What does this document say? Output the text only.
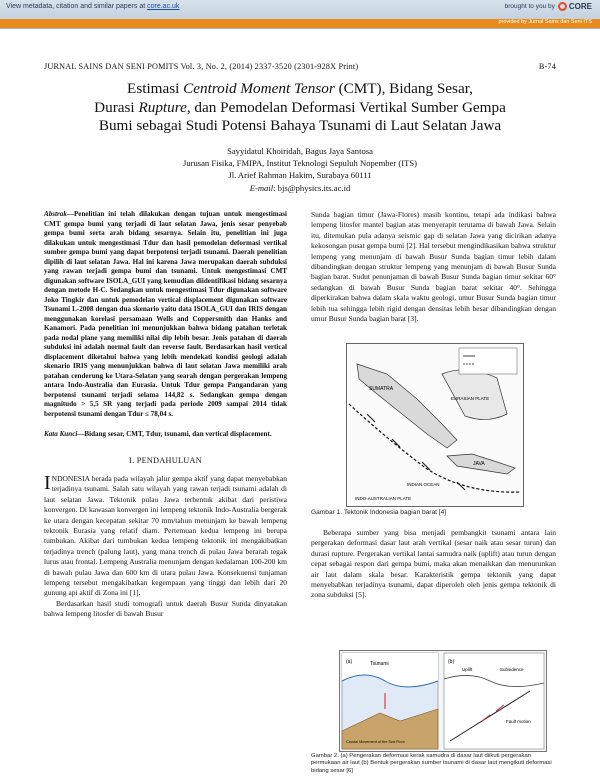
View metadata, citation and similar papers at core.ac.uk	brought to you by CORE
provided by Jurnal Sains dan Seni ITS
JURNAL SAINS DAN SENI POMITS Vol. 3, No. 2, (2014) 2337-3520 (2301-928X Print)	B-74
Estimasi Centroid Moment Tensor (CMT), Bidang Sesar,
Durasi Rupture, dan Pemodelan Deformasi Vertikal Sumber Gempa
Bumi sebagai Studi Potensi Bahaya Tsunami di Laut Selatan Jawa
Sayyidatul Khoiridah, Bagus Jaya Santosa
Jurusan Fisika, FMIPA, Institut Teknologi Sepuluh Nopember (ITS)
Jl. Arief Rahman Hakim, Surabaya 60111
E-mail: bjs@physics.its.ac.id

Abstrak—Penelitian ini telah dilakukan dengan tujuan untuk mengestimasi CMT gempa bumi yang terjadi di laut selatan Jawa, jenis sesar penyebab gempa bumi serta arah bidang sesarnya. Selain itu, penelitian ini juga dilakukan untuk mengestimasi Tdur dan hasil pemodelan deformasi vertikal sumber gempa bumi yang dapat berpotensi terjadi tsunami. Daerah penelitian dipilih di laut selatan Jawa. Hal ini karena Jawa merupakan daerah subduksi yang rawan terjadi gempa bumi dan tsunami. Untuk mengestimasi CMT digunakan software ISOLA_GUI yang kemudian diidentifikasi bidang sesarnya dengan metode H-C. Sedangkan untuk mengestimasi Tdur digunakan software Joko Tingkir dan untuk pemodelan vertical displacement digunakan software Tsunami L-2008 dengan dua skenario yaitu data ISOLA_GUI dan IRIS dengan menggunakan korelasi persamaan Wells and Coppersmith dan Hanks and Kanamori. Pada penelitian ini menunjukkan bahwa bidang patahan terletak pada nodal plane yang memiliki nilai dip lebih besar. Jenis patahan di daerah subduksi ini adalah normal fault dan reverse fault. Berdasarkan hasil vertical displacement diketahui bahwa yang lebih mendekati kondisi geologi adalah skenario IRIS yang menunjukkan bahwa di laut selatan Jawa memiliki arah patahan cenderung ke Utara-Selatan yang searah dengan pergerakan lempeng antara Indo-Australia dan Eurasia. Untuk Tdur gempa Pangandaran yang berpotensi tsunami terjadi selama 144,82 s. Sedangkan gempa dengan magnitudo > 5,5 SR yang terjadi pada periode 2009 sampai 2014 tidak berpotensi tsunami dengan Tdur ≤ 78,04 s.

Kata Kunci—Bidang sesar, CMT, Tdur, tsunami, dan vertical displacement.

I. PENDAHULUAN

INDONESIA berada pada wilayah jalur gempa aktif yang dapat menyebabkan terjadinya tsunami. Salah satu wilayah yang rawan terjadi tsunami adalah di laut selatan Jawa. Tektonik pulau Jawa terbentuk akibat dari peristiwa konvergen. Di kawasan konvergen ini lempeng tektonik Indo-Australia bergerak ke utara dengan kecepatan sekitar 70 mm/tahun menunjam ke bawah lempeng tektonik Eurasia yang relatif diam. Pertemuan kedua lempeng ini berupa tumbukan. Akibat dari tumbukan kedua lempeng tektonik ini mengakibatkan terjadinya trench (palung laut), yang mana trench di pulau Jawa berarah tegak lurus atau frontal. Lempeng Australia menunjam dengan kedalaman 100-200 km di bawah pulau Jawa dan 600 km di utara pulau Jawa. Konsekuensi tunjaman lempeng tersebut mengakibatkan kegempaan yang tinggi dan lebih dari 20 gunung api aktif di Zona ini [1].

Berdasarkan hasil studi tomografi untuk daerah Busur Sunda dinyatakan bahwa lempeng litosfer di bawah Busur

Sunda bagian timur (Jawa-Flores) masih kontinu, tetapi ada indikasi bahwa lempeng litosfer mantel bagian atas menyerapit terutama di bawah Jawa. Selain itu, ditemukan pula adanya seismic gap di selatan Jawa yang dicirikan adanya kekosongan pusat gempa bumi [2]. Hal tersebut mengindikasikan bahwa struktur lempeng yang menunjam di bawah Busur Sunda bagian timur lebih dalam dibandingkan dengan struktur lempeng yang menunjam di bawah Busur Sunda bagian barat. Sudut penunjaman di bawah Busur Sunda bagian timur sekitar 60° sedangkan di bawah Busur Sunda bagian barat sekitar 40°. Sehingga diperkirakan bahwa dalam skala waktu geologi, umur Busur Sunda bagian timur lebih tua sehingga lebih rigid dengan densitas lebih besar dibandingkan dengan umur Busur Sunda bagian barat [3].

SUMATRA
JAVA
EURASIAN PLATE
INDIAN OCEAN
INDO-AUSTRALIAN PLATE
Gambar 1. Tektonik Indonesia bagian barat [4]

Beberapa sumber yang bisa menjadi pembangkit tsunami antara lain pergerakan deformasi dasar laut arah vertikal (sesar naik atau sesar turun) dan durasi rupture. Pergerakan vertikal lantai samudra naik (uplift) atau turun dengan cepat sebagai respon dari gempa bumi, maka akan menaikkan dan menurunkan air laut dalam skala besar. Karakteristik gempa tektonik yang dapat menyebabkan terjadinya tsunami, dapat diperoleh oleh jenis gempa tektonik di zona subduksi [5].

(a)	Tsunami
Crustal Movement of the Sea Floor
(b)
Uplift	Subsidence
Fault motion
Gambar 2. (a) Pengerakan deformasi kerak samudra di dasar laut diikuti pergerakan permukaan air laut (b) Bentuk pergerakan sumber tsunami di dasar laut mengikuti deformasi bidang sesar [6]
